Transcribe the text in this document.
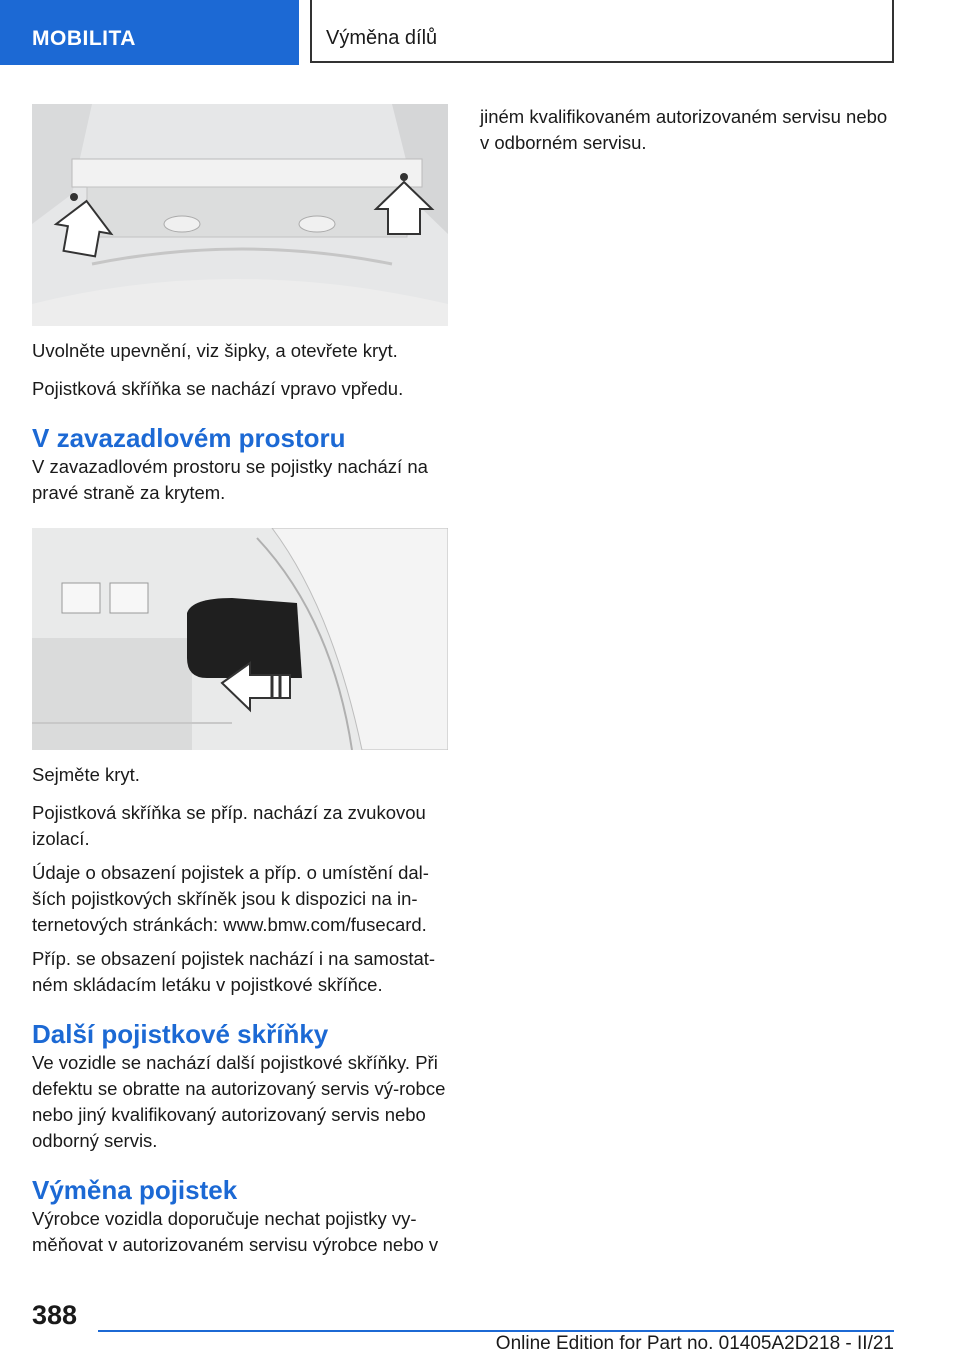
MOBILITA	Výměna dílů

Uvolněte upevnění, viz šipky, a otevřete kryt.

Pojistková skříňka se nachází vpravo vpředu.

V zavazadlovém prostoru

V zavazadlovém prostoru se pojistky nachází na pravé straně za krytem.

Sejměte kryt.

Pojistková skříňka se příp. nachází za zvukovou izolací.

Údaje o obsazení pojistek a příp. o umístění dal-ších pojistkových skříněk jsou k dispozici na in-ternetových stránkách: www.bmw.com/fusecard.

Příp. se obsazení pojistek nachází i na samostat-ném skládacím letáku v pojistkové skříňce.

Další pojistkové skříňky

Ve vozidle se nachází další pojistkové skříňky. Při defektu se obratte na autorizovaný servis vý-robce nebo jiný kvalifikovaný autorizovaný servis nebo odborný servis.

Výměna pojistek

Výrobce vozidla doporučuje nechat pojistky vy-měňovat v autorizovaném servisu výrobce nebo v

jiném kvalifikovaném autorizovaném servisu nebo v odborném servisu.

388
Online Edition for Part no. 01405A2D218 - II/21
